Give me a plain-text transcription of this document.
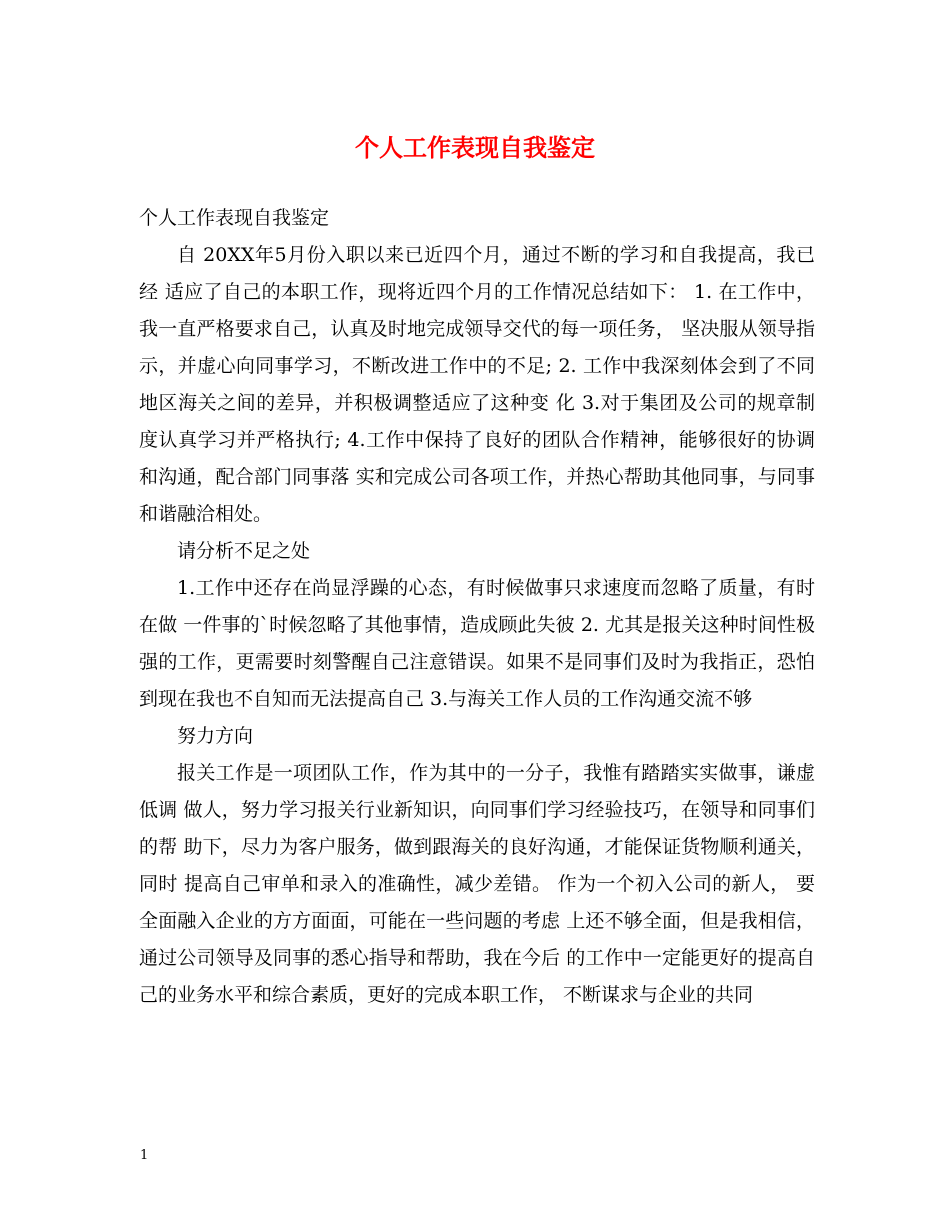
个人工作表现自我鉴定

个人工作表现自我鉴定

自 20XX年5月份入职以来已近四个月，通过不断的学习和自我提高，我已经 适应了自己的本职工作，现将近四个月的工作情况总结如下： 1. 在工作中，我一直严格要求自己，认真及时地完成领导交代的每一项任务， 坚决服从领导指示，并虚心向同事学习，不断改进工作中的不足; 2. 工作中我深刻体会到了不同地区海关之间的差异，并积极调整适应了这种变 化 3.对于集团及公司的规章制度认真学习并严格执行; 4.工作中保持了良好的团队合作精神，能够很好的协调和沟通，配合部门同事落 实和完成公司各项工作，并热心帮助其他同事，与同事和谐融洽相处。

请分析不足之处

1.工作中还存在尚显浮躁的心态，有时候做事只求速度而忽略了质量，有时在做 一件事的`时候忽略了其他事情，造成顾此失彼 2. 尤其是报关这种时间性极强的工作，更需要时刻警醒自己注意错误。如果不是同事们及时为我指正，恐怕到现在我也不自知而无法提高自己 3.与海关工作人员的工作沟通交流不够

努力方向

报关工作是一项团队工作，作为其中的一分子，我惟有踏踏实实做事，谦虚低调 做人，努力学习报关行业新知识，向同事们学习经验技巧，在领导和同事们的帮 助下，尽力为客户服务，做到跟海关的良好沟通，才能保证货物顺利通关，同时 提高自己审单和录入的准确性，减少差错。 作为一个初入公司的新人， 要全面融入企业的方方面面，可能在一些问题的考虑 上还不够全面，但是我相信，通过公司领导及同事的悉心指导和帮助，我在今后 的工作中一定能更好的提高自己的业务水平和综合素质，更好的完成本职工作， 不断谋求与企业的共同

1
